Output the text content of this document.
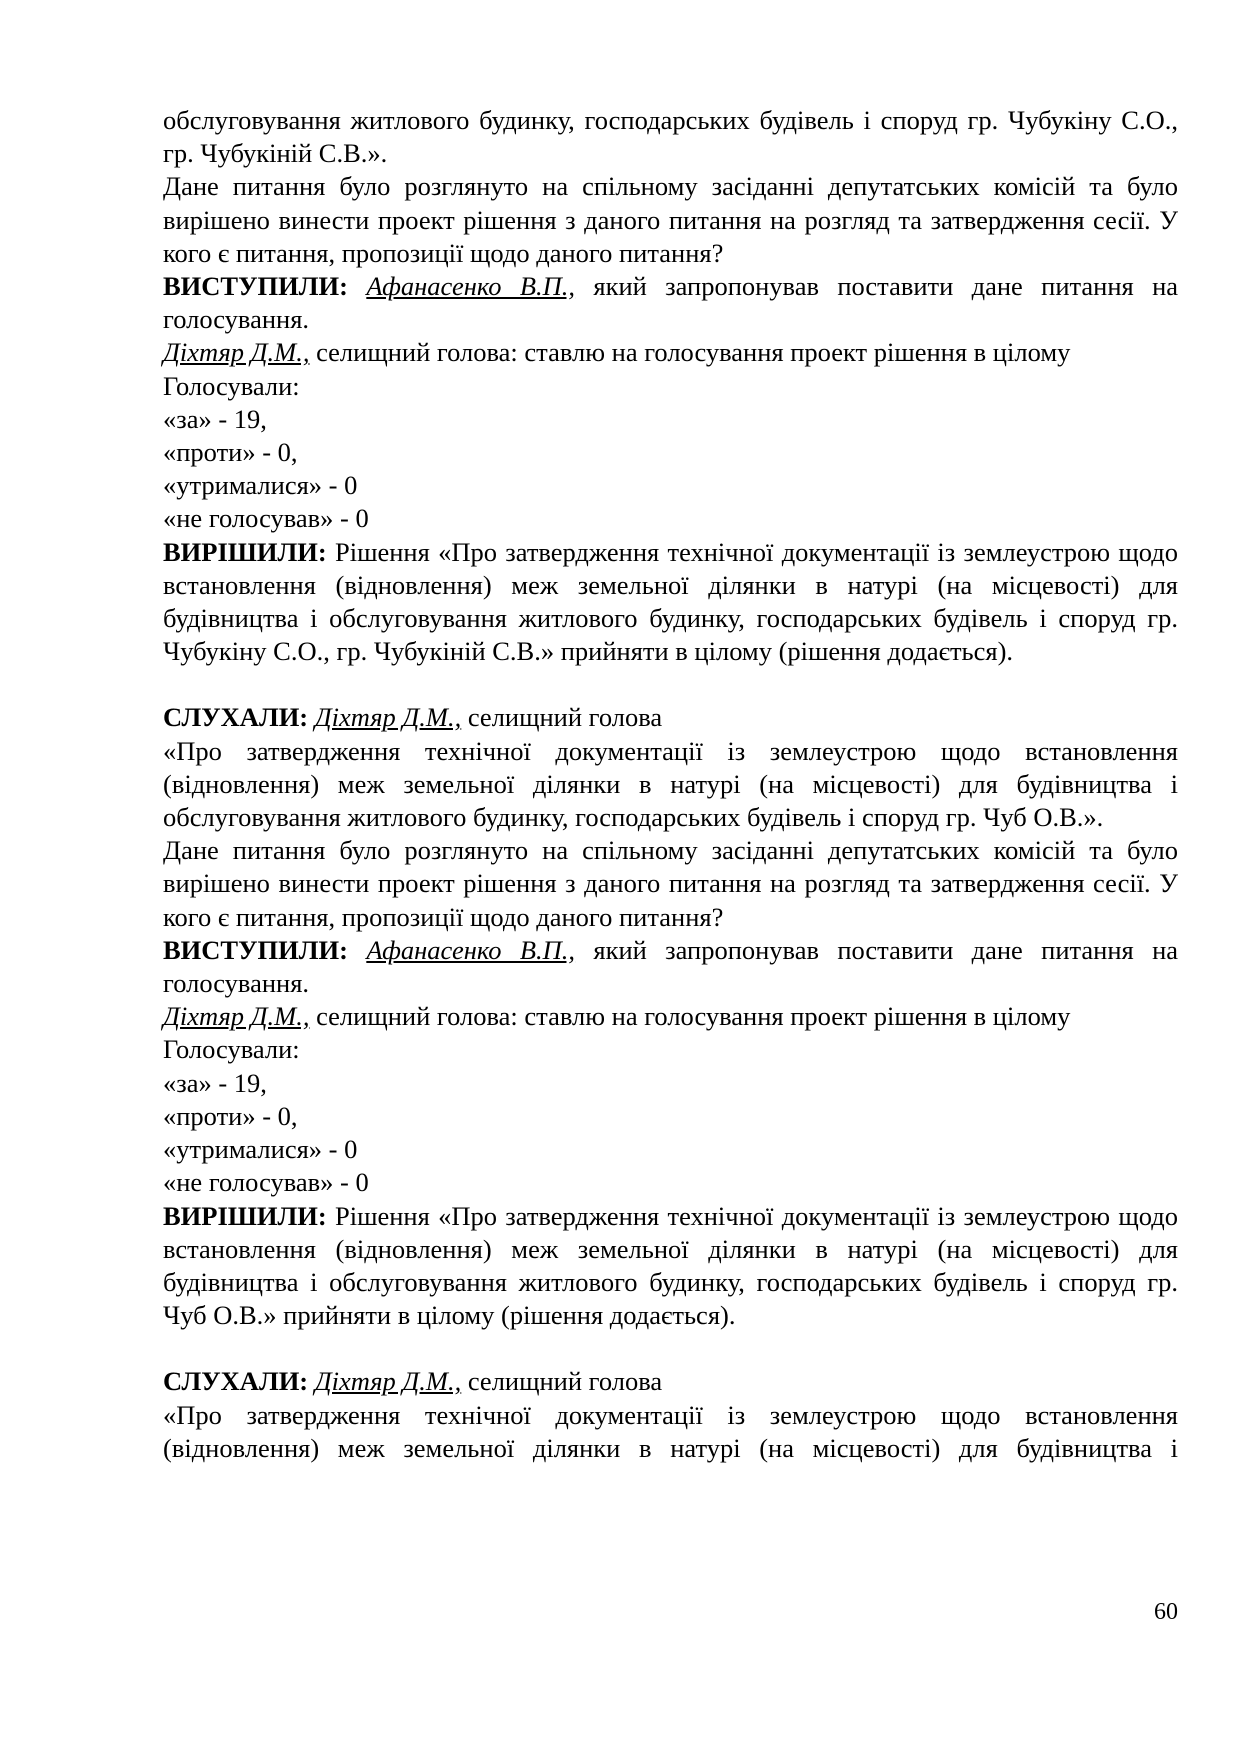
обслуговування житлового будинку, господарських будівель і споруд гр. Чубукіну С.О., гр. Чубукіній С.В.».

Дане питання було розглянуто на спільному засіданні депутатських комісій та було вирішено винести проект рішення з даного питання на розгляд та затвердження сесії. У кого є питання, пропозиції щодо даного питання?

ВИСТУПИЛИ: Афанасенко В.П., який запропонував поставити дане питання на голосування.

Діхтяр Д.М., селищний голова: ставлю на голосування проект рішення в цілому

Голосували:

«за» - 19,

«проти» - 0,

«утрималися» - 0

«не голосував» - 0

ВИРІШИЛИ: Рішення «Про затвердження технічної документації із землеустрою щодо встановлення (відновлення) меж земельної ділянки в натурі (на місцевості) для будівництва і обслуговування житлового будинку, господарських будівель і споруд гр. Чубукіну С.О., гр. Чубукіній С.В.» прийняти в цілому (рішення додається).

СЛУХАЛИ: Діхтяр Д.М., селищний голова

«Про затвердження технічної документації із землеустрою щодо встановлення (відновлення) меж земельної ділянки в натурі (на місцевості) для будівництва і обслуговування житлового будинку, господарських будівель і споруд гр. Чуб О.В.».

Дане питання було розглянуто на спільному засіданні депутатських комісій та було вирішено винести проект рішення з даного питання на розгляд та затвердження сесії. У кого є питання, пропозиції щодо даного питання?

ВИСТУПИЛИ: Афанасенко В.П., який запропонував поставити дане питання на голосування.

Діхтяр Д.М., селищний голова: ставлю на голосування проект рішення в цілому

Голосували:

«за» - 19,

«проти» - 0,

«утрималися» - 0

«не голосував» - 0

ВИРІШИЛИ: Рішення «Про затвердження технічної документації із землеустрою щодо встановлення (відновлення) меж земельної ділянки в натурі (на місцевості) для будівництва і обслуговування житлового будинку, господарських будівель і споруд гр. Чуб О.В.» прийняти в цілому (рішення додається).

СЛУХАЛИ: Діхтяр Д.М., селищний голова

«Про затвердження технічної документації із землеустрою щодо встановлення (відновлення) меж земельної ділянки в натурі (на місцевості) для будівництва і

60
